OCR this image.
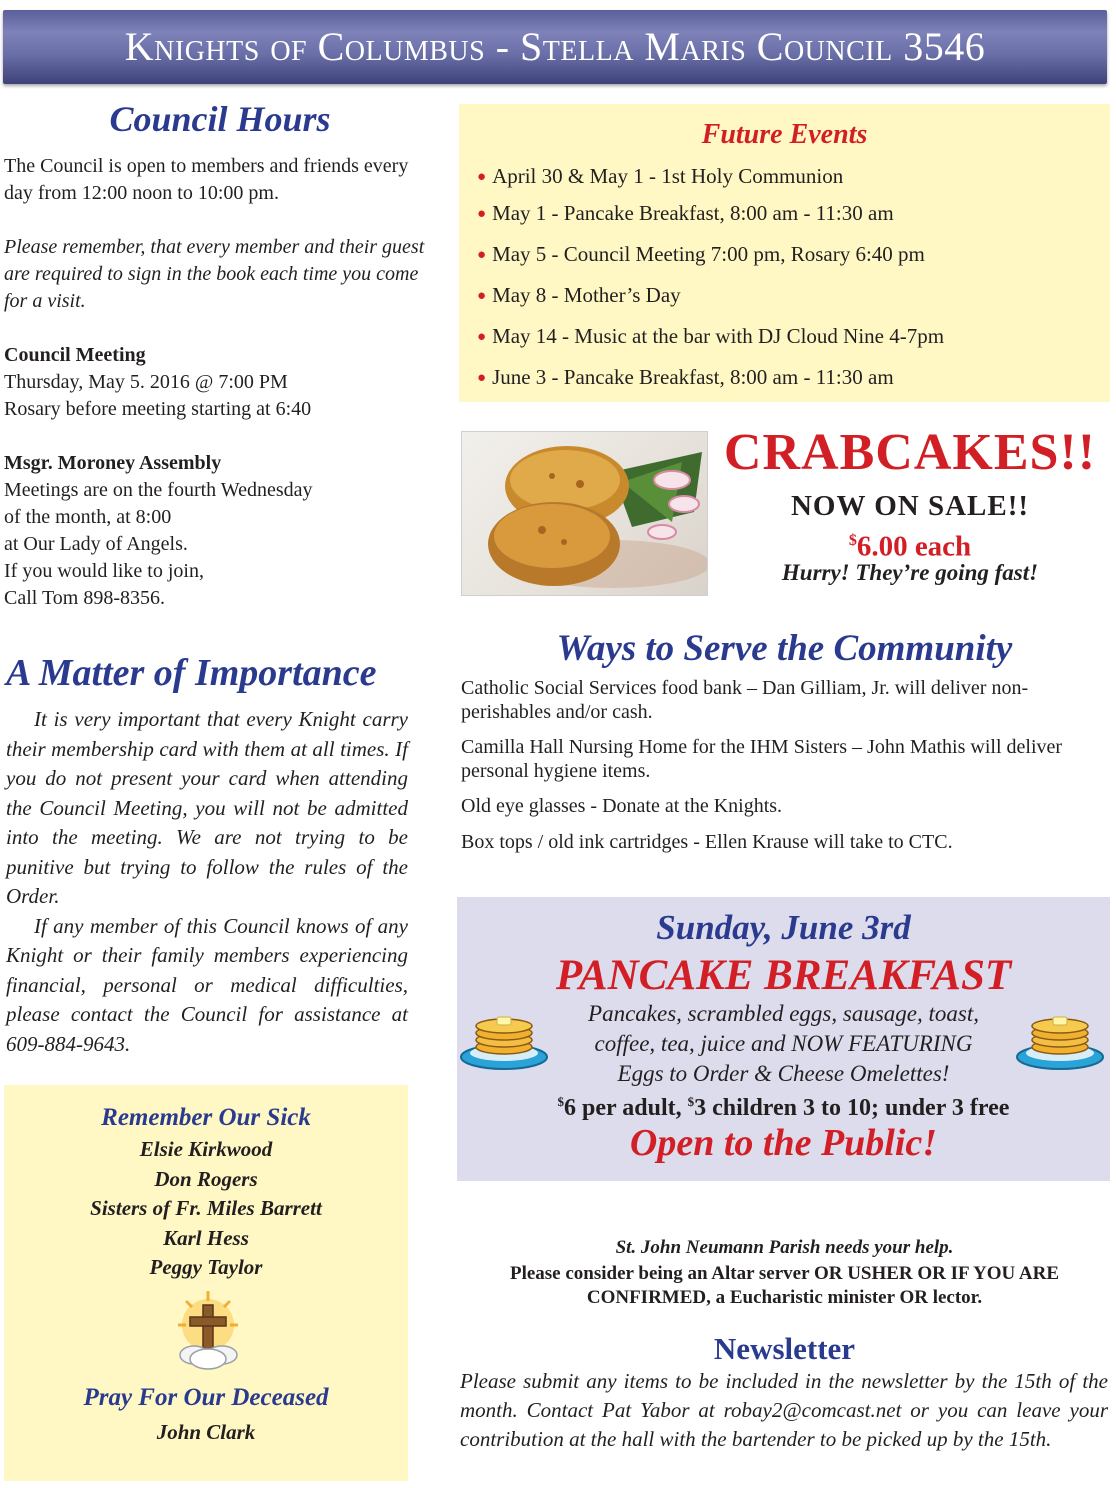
Knights of Columbus - Stella Maris Council 3546
Council Hours

The Council is open to members and friends every day from 12:00 noon to 10:00 pm.

Please remember, that every member and their guest are required to sign in the book each time you come for a visit.

Council Meeting
Thursday, May 5. 2016 @ 7:00 PM
Rosary before meeting starting at 6:40
Msgr. Moroney Assembly
Meetings are on the fourth Wednesday
of the month, at 8:00
at Our Lady of Angels.
If you would like to join,
Call Tom 898-8356.
A Matter of Importance

It is very important that every Knight carry their membership card with them at all times. If you do not present your card when attending the Council Meeting, you will not be admitted into the meeting. We are not trying to be punitive but trying to follow the rules of the Order.

If any member of this Council knows of any Knight or their family members experiencing financial, personal or medical difficulties, please contact the Council for assistance at 609-884-9643.

Remember Our Sick
Elsie Kirkwood
Don Rogers
Sisters of Fr. Miles Barrett
Karl Hess
Peggy Taylor
Pray For Our Deceased
John Clark
Future Events
● April 30 & May 1 - 1st Holy Communion
● May 1 - Pancake Breakfast, 8:00 am - 11:30 am
● May 5 - Council Meeting 7:00 pm, Rosary 6:40 pm
● May 8 - Mother’s Day
● May 14 - Music at the bar with DJ Cloud Nine 4-7pm
● June 3 - Pancake Breakfast, 8:00 am - 11:30 am
CRABCAKES!!
NOW ON SALE!!
$6.00 each
Hurry! They’re going fast!
Ways to Serve the Community

Catholic Social Services food bank – Dan Gilliam, Jr. will deliver non-perishables and/or cash.

Camilla Hall Nursing Home for the IHM Sisters – John Mathis will deliver personal hygiene items.

Old eye glasses - Donate at the Knights.

Box tops / old ink cartridges - Ellen Krause will take to CTC.

Sunday, June 3rd
PANCAKE BREAKFAST
Pancakes, scrambled eggs, sausage, toast,
coffee, tea, juice and NOW FEATURING
Eggs to Order & Cheese Omelettes!
$6 per adult, $3 children 3 to 10; under 3 free
Open to the Public!
St. John Neumann Parish needs your help.
Please consider being an Altar server OR USHER OR IF YOU ARE CONFIRMED, a Eucharistic minister OR lector.
Newsletter

Please submit any items to be included in the newsletter by the 15th of the month. Contact Pat Yabor at robay2@comcast.net or you can leave your contribution at the hall with the bartender to be picked up by the 15th.
